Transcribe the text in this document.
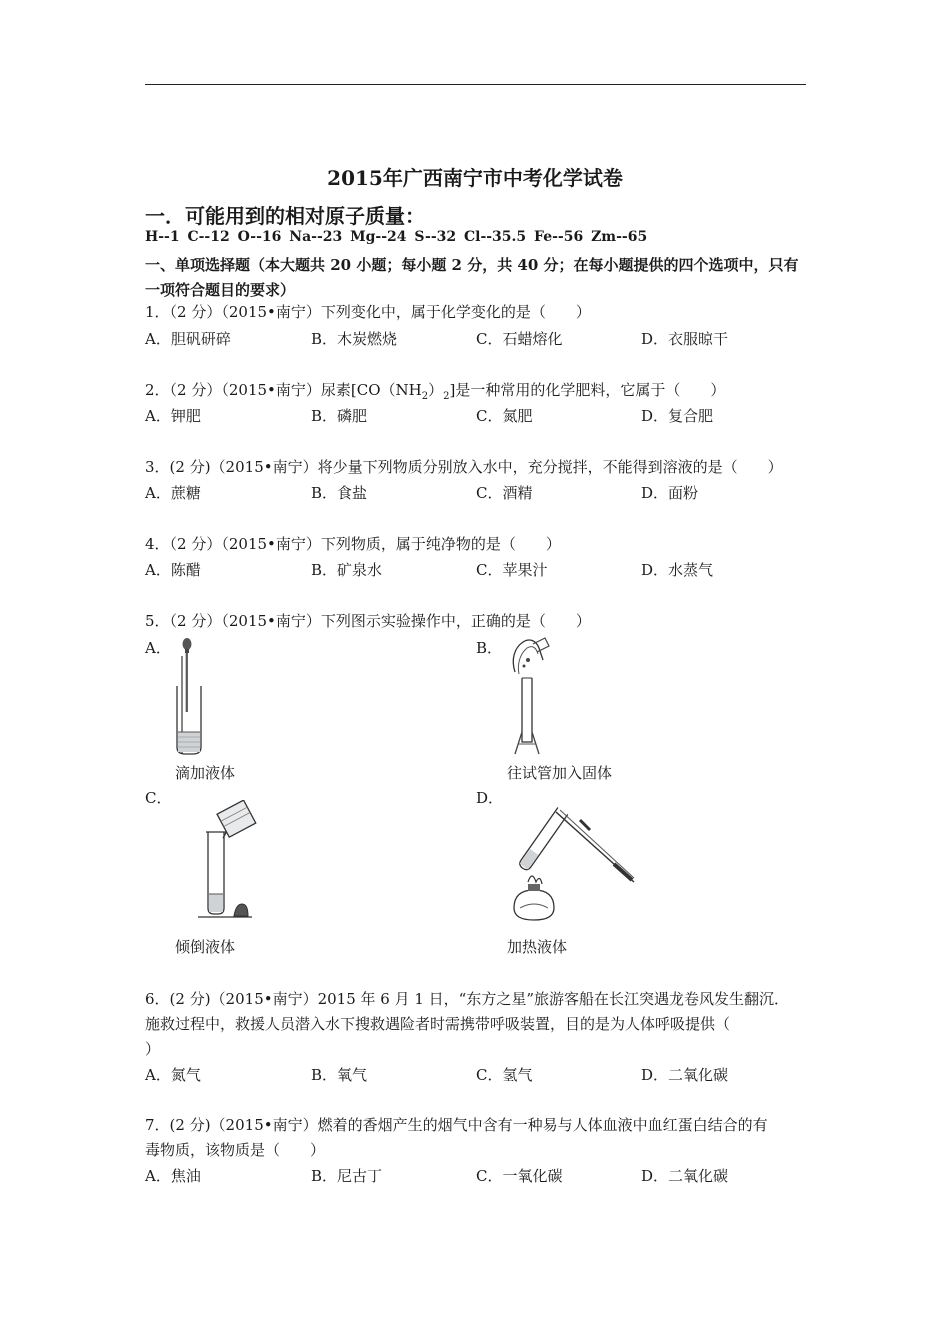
2015年广西南宁市中考化学试卷
一．可能用到的相对原子质量：
H--1 C--12 O--16 Na--23 Mg--24 S--32 Cl--35.5 Fe--56 Zm--65
一、单项选择题（本大题共 20 小题；每小题 2 分，共 40 分；在每小题提供的四个选项中，只有
一项符合题目的要求）
1．（2 分）（2015•南宁）下列变化中，属于化学变化的是（　　）
A．胆矾研碎	B．木炭燃烧	C．石蜡熔化	D．衣服晾干
2．（2 分）（2015•南宁）尿素$[CO(NH_2)_2]$是一种常用的化学肥料，它属于（　　）
A．钾肥	B．磷肥	C．氮肥	D．复合肥
3．(2 分)（2015•南宁）将少量下列物质分别放入水中，充分搅拌，不能得到溶液的是（　　）
A．蔗糖	B．食盐	C．酒精	D．面粉
4．（2 分）（2015•南宁）下列物质，属于纯净物的是（　　）
A．陈醋	B．矿泉水	C．苹果汁	D．水蒸气
5．（2 分）（2015•南宁）下列图示实验操作中，正确的是（　　）
A．
滴加液体
B．
往试管加入固体
C．
倾倒液体
D．
加热液体
6．(2 分)（2015•南宁）2015 年 6 月 1 日，“东方之星”旅游客船在长江突遇龙卷风发生翻沉．
施救过程中，救援人员潜入水下搜救遇险者时需携带呼吸装置，目的是为人体呼吸提供（
）
A．氮气	B．氧气	C．氢气	D．二氧化碳
7．(2 分)（2015•南宁）燃着的香烟产生的烟气中含有一种易与人体血液中血红蛋白结合的有
毒物质，该物质是（　　）
A．焦油	B．尼古丁	C．一氧化碳	D．二氧化碳
